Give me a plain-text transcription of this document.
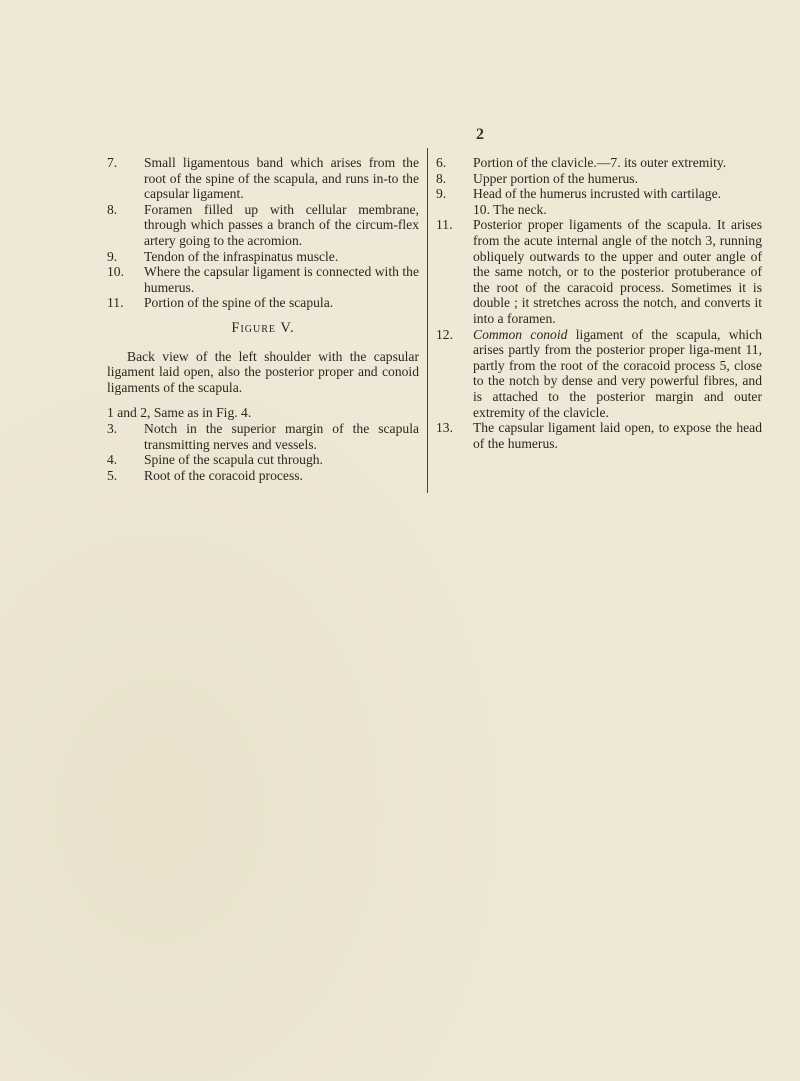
2

7. Small ligamentous band which arises from the root of the spine of the scapula, and runs in-to the capsular ligament.

8. Foramen filled up with cellular membrane, through which passes a branch of the circum-flex artery going to the acromion.

9. Tendon of the infraspinatus muscle.

10. Where the capsular ligament is connected with the humerus.

11. Portion of the spine of the scapula.

Figure V.

Back view of the left shoulder with the capsular ligament laid open, also the posterior proper and conoid ligaments of the scapula.

1 and 2, Same as in Fig. 4.

3. Notch in the superior margin of the scapula transmitting nerves and vessels.

4. Spine of the scapula cut through.

5. Root of the coracoid process.

6. Portion of the clavicle.—7. its outer extremity.

8. Upper portion of the humerus.

9. Head of the humerus incrusted with cartilage.

10. The neck.

11. Posterior proper ligaments of the scapula. It arises from the acute internal angle of the notch 3, running obliquely outwards to the upper and outer angle of the same notch, or to the posterior protuberance of the root of the caracoid process. Sometimes it is double ; it stretches across the notch, and converts it into a foramen.

12. Common conoid ligament of the scapula, which arises partly from the posterior proper liga-ment 11, partly from the root of the coracoid process 5, close to the notch by dense and very powerful fibres, and is attached to the posterior margin and outer extremity of the clavicle.

13. The capsular ligament laid open, to expose the head of the humerus.
